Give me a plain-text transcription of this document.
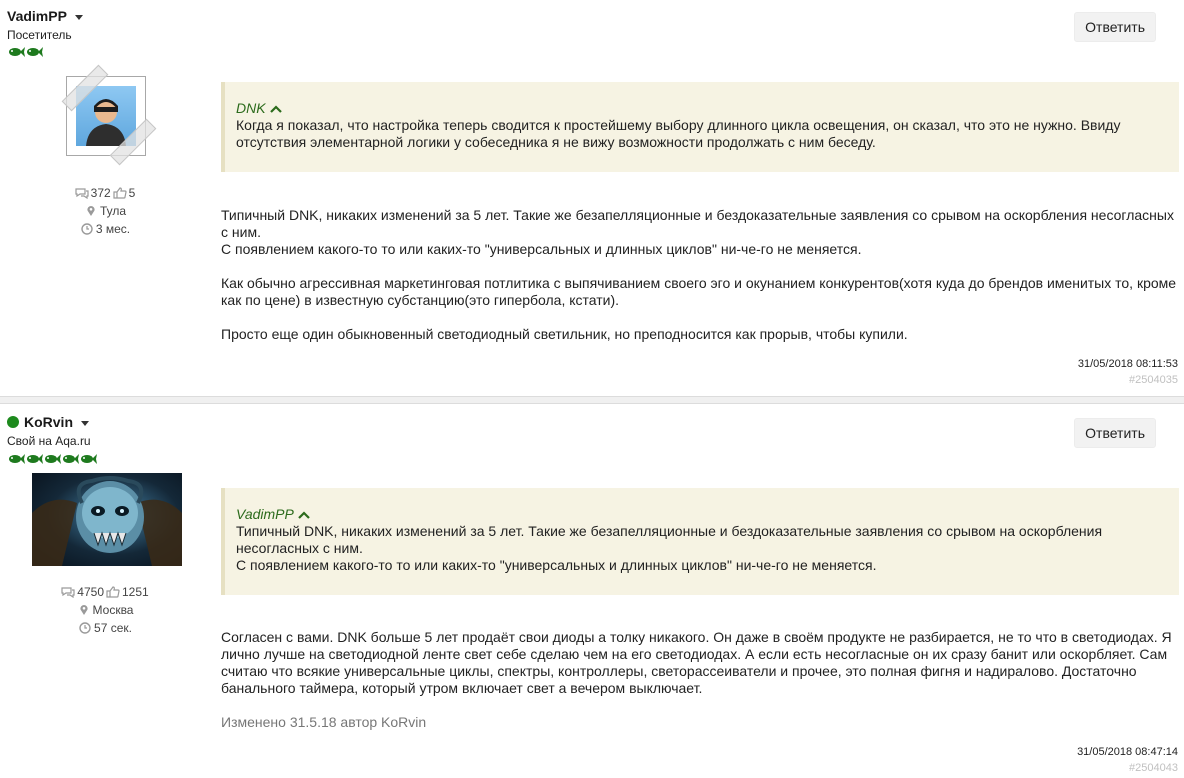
VadimPP
Посетитель
372 5
Тула
3 мес.
Ответить
DNK
Когда я показал, что настройка теперь сводится к простейшему выбору длинного цикла освещения, он сказал, что это не нужно. Ввиду отсутствия элементарной логики у собеседника я не вижу возможности продолжать с ним беседу.

Типичный DNK, никаких изменений за 5 лет. Такие же безапелляционные и бездоказательные заявления со срывом на оскорбления несогласных с ним.

С появлением какого-то то или каких-то "универсальных и длинных циклов" ни-че-го не меняется.

Как обычно агрессивная маркетинговая потлитика с выпячиванием своего эго и окунанием конкурентов(хотя куда до брендов именитых то, кроме как по цене) в известную субстанцию(это гипербола, кстати).

Просто еще один обыкновенный светодиодный светильник, но преподносится как прорыв, чтобы купили.

31/05/2018 08:11:53
#2504035
KoRvin
Свой на Aqa.ru
4750 1251
Москва
57 сек.
Ответить
VadimPP
Типичный DNK, никаких изменений за 5 лет. Такие же безапелляционные и бездоказательные заявления со срывом на оскорбления несогласных с ним.
С появлением какого-то то или каких-то "универсальных и длинных циклов" ни-че-го не меняется.

Согласен с вами. DNK больше 5 лет продаёт свои диоды а толку никакого. Он даже в своём продукте не разбирается, не то что в светодиодах. Я лично лучше на светодиодной ленте свет себе сделаю чем на его светодиодах. А если есть несогласные он их сразу банит или оскорбляет. Сам считаю что всякие универсальные циклы, спектры, контроллеры, светорассеиватели и прочее, это полная фигня и надиралово. Достаточно банального таймера, который утром включает свет а вечером выключает.

Изменено 31.5.18 автор KoRvin
31/05/2018 08:47:14
#2504043
